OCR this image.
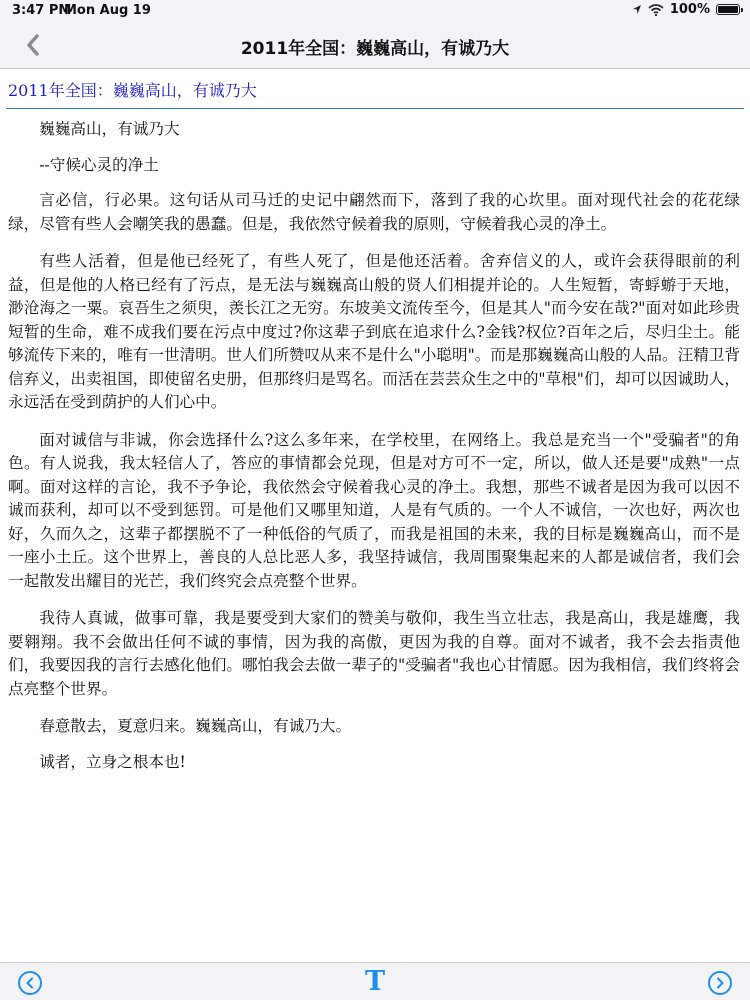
3:47 PM
Mon Aug 19	100%
2011年全国：巍巍高山，有诚乃大
2011年全国：巍巍高山，有诚乃大

巍巍高山，有诚乃大

--守候心灵的净土

言必信，行必果。这句话从司马迁的史记中翩然而下，落到了我的心坎里。面对现代社会的花花绿绿，尽管有些人会嘲笑我的愚蠢。但是，我依然守候着我的原则，守候着我心灵的净土。

有些人活着，但是他已经死了，有些人死了，但是他还活着。舍弃信义的人，或许会获得眼前的利益，但是他的人格已经有了污点，是无法与巍巍高山般的贤人们相提并论的。人生短暂，寄蜉蝣于天地，渺沧海之一粟。哀吾生之须臾，羡长江之无穷。东坡美文流传至今，但是其人"而今安在哉?"面对如此珍贵短暂的生命，难不成我们要在污点中度过?你这辈子到底在追求什么?金钱?权位?百年之后，尽归尘土。能够流传下来的，唯有一世清明。世人们所赞叹从来不是什么"小聪明"。而是那巍巍高山般的人品。汪精卫背信弃义，出卖祖国，即使留名史册，但那终归是骂名。而活在芸芸众生之中的"草根"们，却可以因诚助人，永远活在受到荫护的人们心中。

面对诚信与非诚，你会选择什么?这么多年来，在学校里，在网络上。我总是充当一个"受骗者"的角色。有人说我，我太轻信人了，答应的事情都会兑现，但是对方可不一定，所以，做人还是要"成熟"一点啊。面对这样的言论，我不予争论，我依然会守候着我心灵的净土。我想，那些不诚者是因为我可以因不诚而获利，却可以不受到惩罚。可是他们又哪里知道，人是有气质的。一个人不诚信，一次也好，两次也好，久而久之，这辈子都摆脱不了一种低俗的气质了，而我是祖国的未来，我的目标是巍巍高山，而不是一座小土丘。这个世界上，善良的人总比恶人多，我坚持诚信，我周围聚集起来的人都是诚信者，我们会一起散发出耀目的光芒，我们终究会点亮整个世界。

我待人真诚，做事可靠，我是要受到大家们的赞美与敬仰，我生当立壮志，我是高山，我是雄鹰，我要翱翔。我不会做出任何不诚的事情，因为我的高傲，更因为我的自尊。面对不诚者，我不会去指责他们，我要因我的言行去感化他们。哪怕我会去做一辈子的"受骗者"我也心甘情愿。因为我相信，我们终将会点亮整个世界。

春意散去，夏意归来。巍巍高山，有诚乃大。

诚者，立身之根本也!

T
